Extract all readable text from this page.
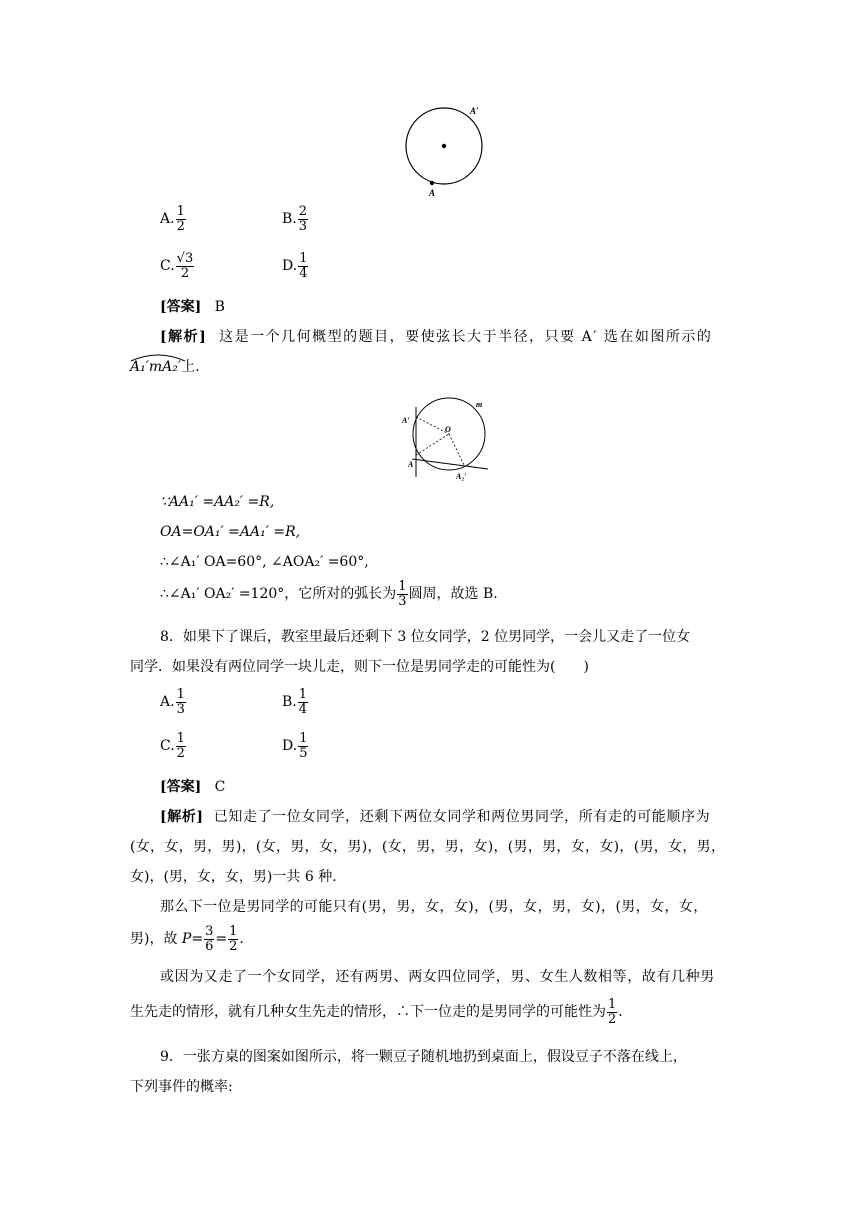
A′
A
A. $\frac{1}{2}$	B. $\frac{2}{3}$
C. $\frac{√3}{2}$	D. $\frac{1}{4}$
[答案] B
[解析] 这是一个几何概型的题目，要使弦长大于半径，只要 A′ 选在如图所示的
A₁′mA₂′上.
A′
O
A
m
A₂′
∵AA₁′ =AA₂′ =R,
OA=OA₁′ =AA₁′ =R,
∴∠A₁′ OA=60°, ∠AOA₂′ =60°,
∴∠A₁′ OA₂′ =120°，它所对的弧长为 $\frac{1}{3}$ 圆周，故选 B.
8．如果下了课后，教室里最后还剩下 3 位女同学，2 位男同学，一会儿又走了一位女
同学．如果没有两位同学一块儿走，则下一位是男同学走的可能性为(　　)
A. $\frac{1}{3}$	B. $\frac{1}{4}$
C. $\frac{1}{2}$	D. $\frac{1}{5}$
[答案] C
[解析] 已知走了一位女同学，还剩下两位女同学和两位男同学，所有走的可能顺序为
(女，女，男，男)，(女，男，女，男)，(女，男，男，女)，(男，男，女，女)，(男，女，男，
女)，(男，女，女，男)一共 6 种．
那么下一位是男同学的可能只有(男，男，女，女)，(男，女，男，女)，(男，女，女，
男)，故 $P= \frac{3}{6} = \frac{1}{2}$ .
或因为又走了一个女同学，还有两男、两女四位同学，男、女生人数相等，故有几种男
生先走的情形，就有几种女生先走的情形，∴下一位走的是男同学的可能性为 $\frac{1}{2}$ .
9．一张方桌的图案如图所示，将一颗豆子随机地扔到桌面上，假设豆子不落在线上，
下列事件的概率:
